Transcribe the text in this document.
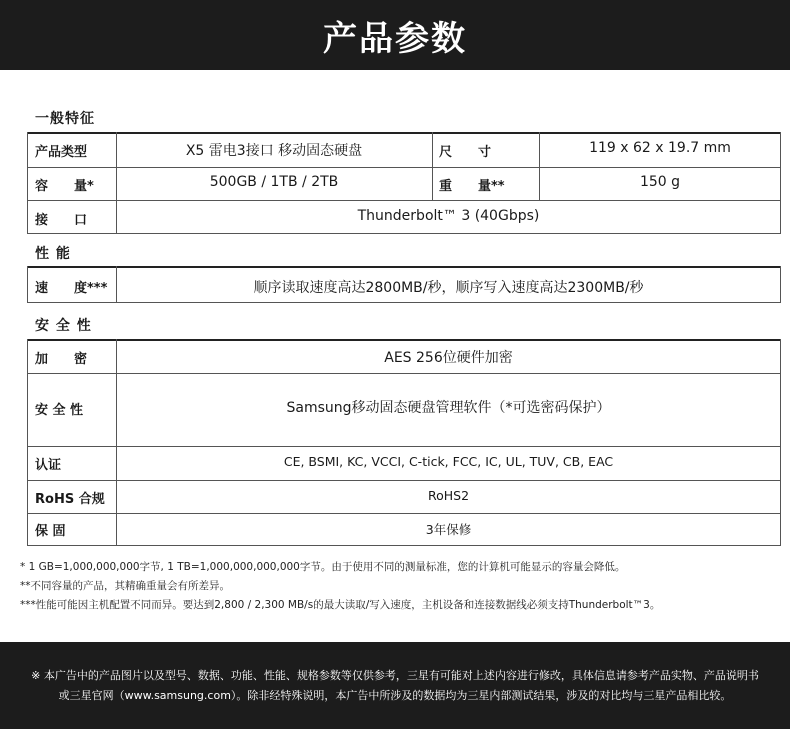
产品参数
一般特征
产品类型	X5 雷电3接口 移动固态硬盘	尺　　寸	119 x 62 x 19.7 mm
容　　量*	500GB / 1TB / 2TB	重　　量**	150 g
接　　口	Thunderbolt™ 3 (40Gbps)
性 能
速　　度***	顺序读取速度高达2800MB/秒，顺序写入速度高达2300MB/秒
安 全 性
加　　密	AES 256位硬件加密
安 全 性	Samsung移动固态硬盘管理软件（*可选密码保护）
认证	CE, BSMI, KC, VCCI, C-tick, FCC, IC, UL, TUV, CB, EAC
RoHS 合规	RoHS2
保 固	3年保修
* 1 GB=1,000,000,000字节, 1 TB=1,000,000,000,000字节。由于使用不同的测量标准，您的计算机可能显示的容量会降低。
**不同容量的产品，其精确重量会有所差异。
***性能可能因主机配置不同而异。要达到2,800 / 2,300 MB/s的最大读取/写入速度，主机设备和连接数据线必须支持Thunderbolt™3。
※ 本广告中的产品图片以及型号、数据、功能、性能、规格参数等仅供参考，三星有可能对上述内容进行修改，具体信息请参考产品实物、产品说明书
或三星官网（www.samsung.com）。除非经特殊说明，本广告中所涉及的数据均为三星内部测试结果，涉及的对比均与三星产品相比较。
